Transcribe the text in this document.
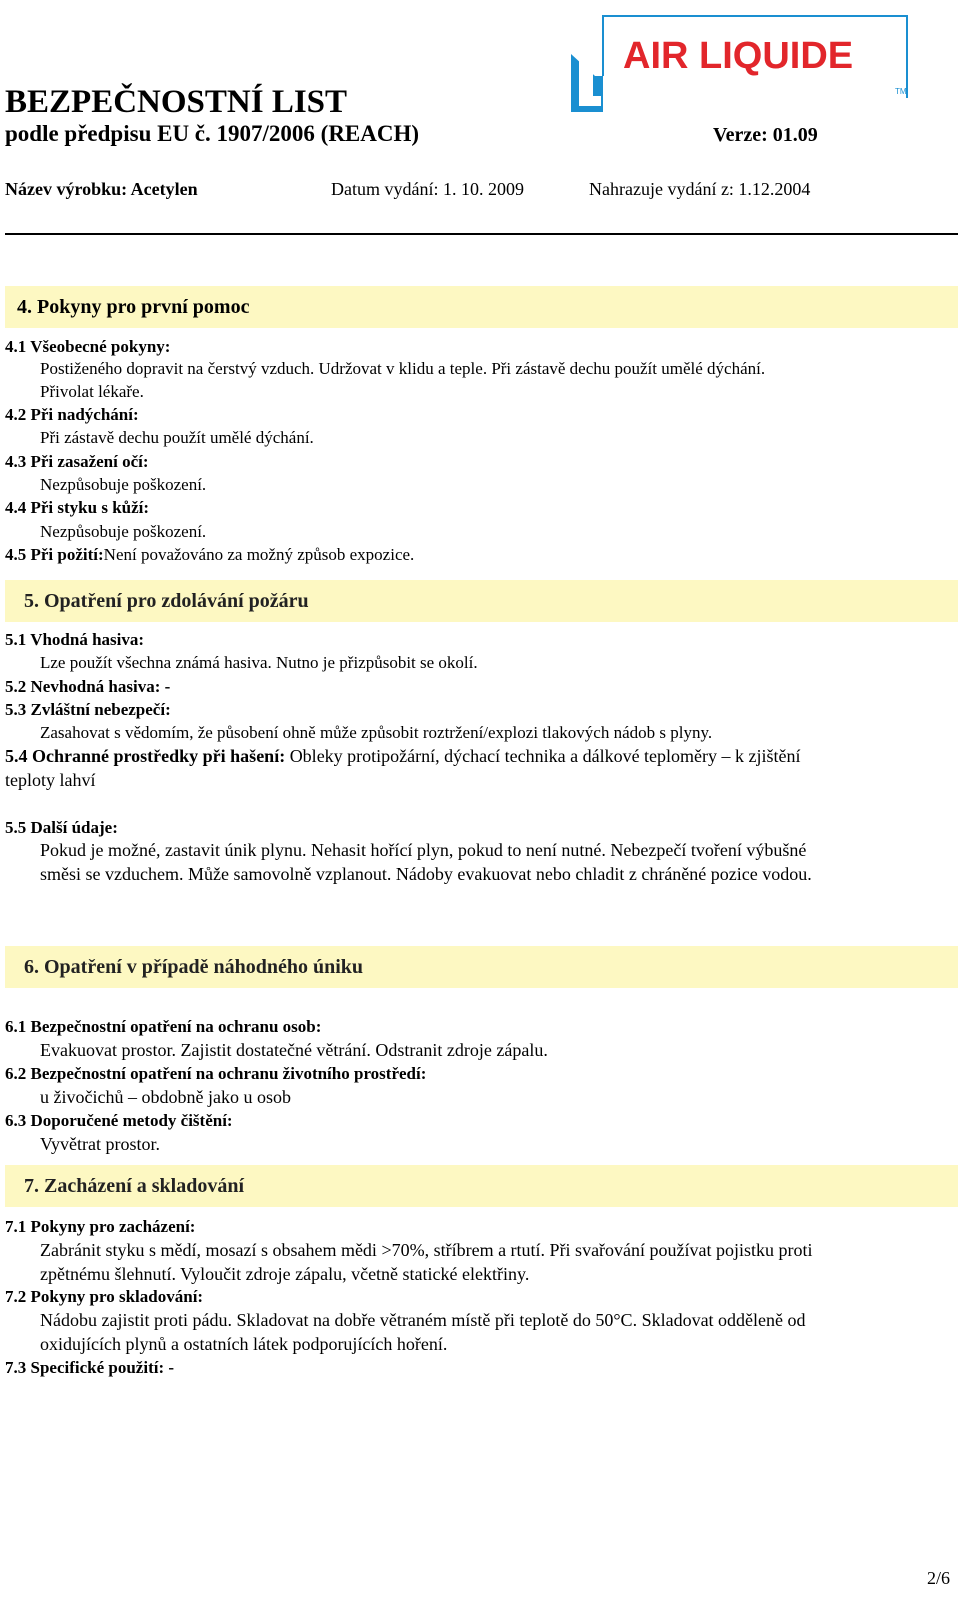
AIR LIQUIDE
TM
BEZPEČNOSTNÍ LIST
podle předpisu EU č. 1907/2006 (REACH)	Verze: 01.09
Název výrobku: Acetylen	Datum vydání: 1. 10. 2009	Nahrazuje vydání z: 1.12.2004
4. Pokyny pro první pomoc
4.1 Všeobecné pokyny:
Postiženého dopravit na čerstvý vzduch. Udržovat v klidu a teple. Při zástavě dechu použít umělé dýchání.
Přivolat lékaře.
4.2 Při nadýchání:
Při zástavě dechu použít umělé dýchání.
4.3 Při zasažení očí:
Nezpůsobuje poškození.
4.4 Při styku s kůží:
Nezpůsobuje poškození.
4.5 Při požití:Není považováno za možný způsob expozice.
5. Opatření pro zdolávání požáru
5.1 Vhodná hasiva:
Lze použít všechna známá hasiva. Nutno je přizpůsobit se okolí.
5.2 Nevhodná hasiva: -
5.3 Zvláštní nebezpečí:
Zasahovat s vědomím, že působení ohně může způsobit roztržení/explozi tlakových nádob s plyny.
5.4 Ochranné prostředky při hašení: Obleky protipožární, dýchací technika a dálkové teploměry – k zjištění
teploty lahví
5.5 Další údaje:
Pokud je možné, zastavit únik plynu. Nehasit hořící plyn, pokud to není nutné. Nebezpečí tvoření výbušné
směsi se vzduchem. Může samovolně vzplanout. Nádoby evakuovat nebo chladit z chráněné pozice vodou.
6. Opatření v případě náhodného úniku
6.1 Bezpečnostní opatření na ochranu osob:
Evakuovat prostor. Zajistit dostatečné větrání. Odstranit zdroje zápalu.
6.2 Bezpečnostní opatření na ochranu životního prostředí:
u živočichů – obdobně jako u osob
6.3 Doporučené metody čištění:
Vyvětrat prostor.
7. Zacházení a skladování
7.1 Pokyny pro zacházení:
Zabránit styku s mědí, mosazí s obsahem mědi >70%, stříbrem a rtutí. Při svařování používat pojistku proti
zpětnému šlehnutí. Vyloučit zdroje zápalu, včetně statické elektřiny.
7.2 Pokyny pro skladování:
Nádobu zajistit proti pádu. Skladovat na dobře větraném místě při teplotě do 50°C. Skladovat odděleně od
oxidujících plynů a ostatních látek podporujících hoření.
7.3 Specifické použití: -
2/6
